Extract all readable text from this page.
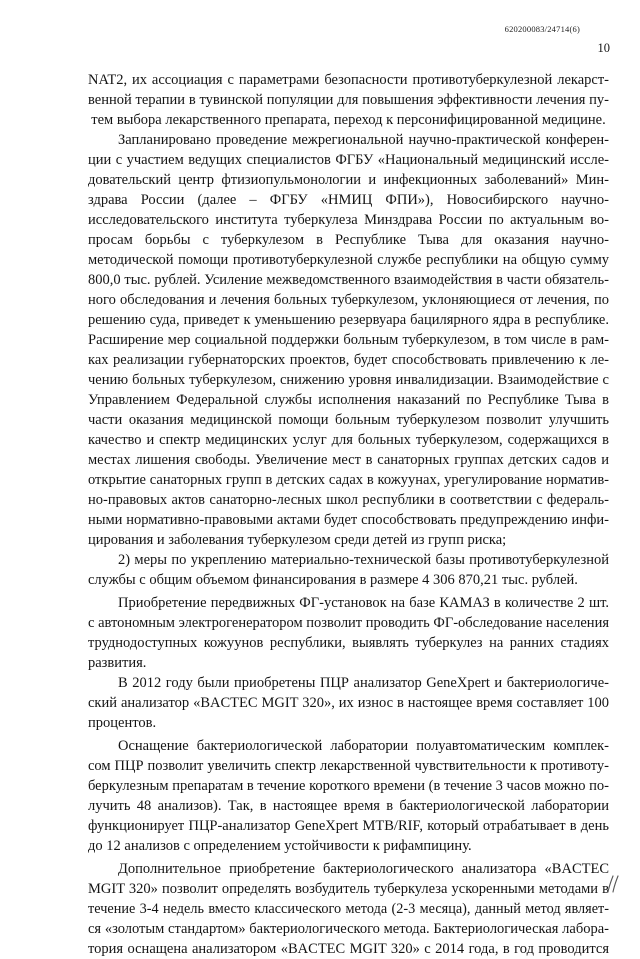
620200083/24714(6)
10
NAT2, их ассоциация с параметрами безопасности противотуберкулезной лекарст-
венной терапии в тувинской популяции для повышения эффективности лечения пу-
тем выбора лекарственного препарата, переход к персонифицированной медицине.
Запланировано проведение межрегиональной научно-практической конферен-
ции с участием ведущих специалистов ФГБУ «Национальный медицинский иссле-
довательский центр фтизиопульмонологии и инфекционных заболеваний» Мин-
здрава России (далее – ФГБУ «НМИЦ ФПИ»), Новосибирского научно-
исследовательского института туберкулеза Минздрава России по актуальным во-
просам борьбы с туберкулезом в Республике Тыва для оказания научно-
методической помощи противотуберкулезной службе республики на общую сумму
800,0 тыс. рублей. Усиление межведомственного взаимодействия в части обязатель-
ного обследования и лечения больных туберкулезом, уклоняющиеся от лечения, по
решению суда, приведет к уменьшению резервуара бацилярного ядра в республике.
Расширение мер социальной поддержки больным туберкулезом, в том числе в рам-
ках реализации губернаторских проектов, будет способствовать привлечению к ле-
чению больных туберкулезом, снижению уровня инвалидизации. Взаимодействие с
Управлением Федеральной службы исполнения наказаний по Республике Тыва в
части оказания медицинской помощи больным туберкулезом позволит улучшить
качество и спектр медицинских услуг для больных туберкулезом, содержащихся в
местах лишения свободы. Увеличение мест в санаторных группах детских садов и
открытие санаторных групп в детских садах в кожуунах, урегулирование норматив-
но-правовых актов санаторно-лесных школ республики в соответствии с федераль-
ными нормативно-правовыми актами будет способствовать предупреждению инфи-
цирования и заболевания туберкулезом среди детей из групп риска;
2) меры по укреплению материально-технической базы противотуберкулезной
службы с общим объемом финансирования в размере 4 306 870,21 тыс. рублей.
Приобретение передвижных ФГ-установок на базе КАМАЗ в количестве 2 шт.
с автономным электрогенератором позволит проводить ФГ-обследование населения
труднодоступных кожуунов республики, выявлять туберкулез на ранних стадиях
развития.
В 2012 году были приобретены ПЦР анализатор GeneXpert и бактериологиче-
ский анализатор «BACTEC MGIT 320», их износ в настоящее время составляет 100
процентов.
Оснащение бактериологической лаборатории полуавтоматическим комплек-
сом ПЦР позволит увеличить спектр лекарственной чувствительности к противоту-
беркулезным препаратам в течение короткого времени (в течение 3 часов можно по-
лучить 48 анализов). Так, в настоящее время в бактериологической лаборатории
функционирует ПЦР-анализатор GeneXpert MTB/RIF, который отрабатывает в день
до 12 анализов с определением устойчивости к рифампицину.
Дополнительное приобретение бактериологического анализатора «BACTEC
MGIT 320» позволит определять возбудитель туберкулеза ускоренными методами в
течение 3-4 недель вместо классического метода (2-3 месяца), данный метод являет-
ся «золотым стандартом» бактериологического метода. Бактериологическая лабора-
тория оснащена анализатором «BACTEC MGIT 320» с 2014 года, в год проводится
